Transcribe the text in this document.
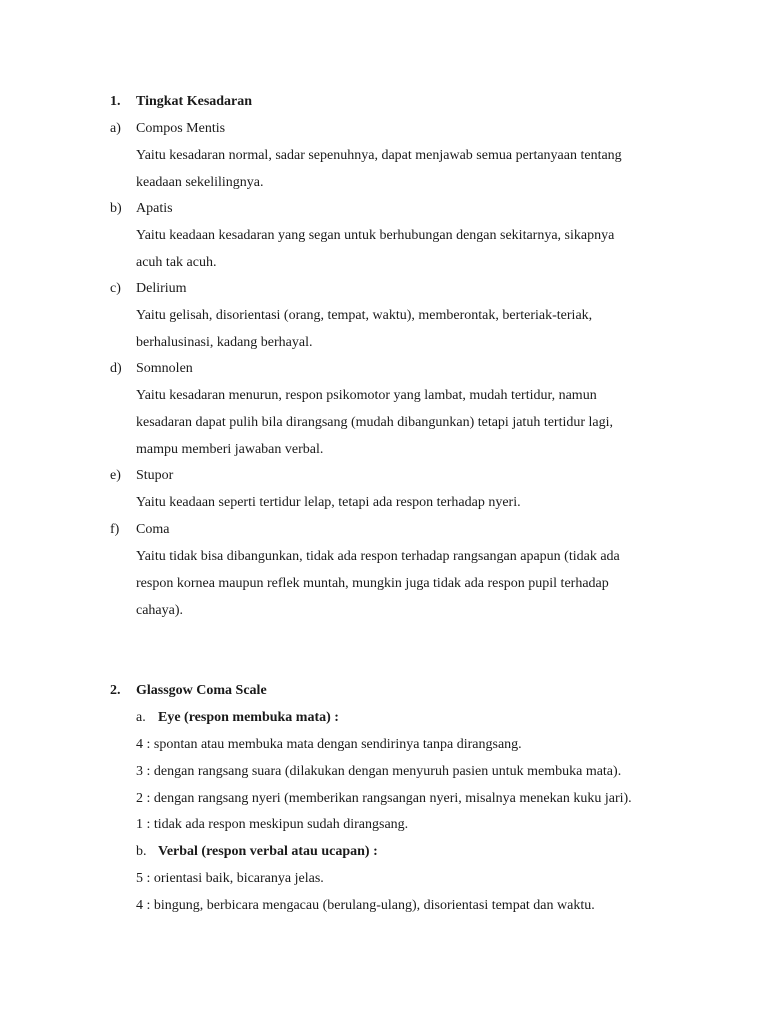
1. Tingkat Kesadaran
a) Compos Mentis
Yaitu kesadaran normal, sadar sepenuhnya, dapat menjawab semua pertanyaan tentang
keadaan sekelilingnya.
b) Apatis
Yaitu keadaan kesadaran yang segan untuk berhubungan dengan sekitarnya, sikapnya
acuh tak acuh.
c) Delirium
Yaitu gelisah, disorientasi (orang, tempat, waktu), memberontak, berteriak-teriak,
berhalusinasi, kadang berhayal.
d) Somnolen
Yaitu kesadaran menurun, respon psikomotor yang lambat, mudah tertidur, namun
kesadaran dapat pulih bila dirangsang (mudah dibangunkan) tetapi jatuh tertidur lagi,
mampu memberi jawaban verbal.
e) Stupor
Yaitu keadaan seperti tertidur lelap, tetapi ada respon terhadap nyeri.
f) Coma
Yaitu tidak bisa dibangunkan, tidak ada respon terhadap rangsangan apapun (tidak ada
respon kornea maupun reflek muntah, mungkin juga tidak ada respon pupil terhadap
cahaya).
2. Glassgow Coma Scale
a. Eye (respon membuka mata) :
4 : spontan atau membuka mata dengan sendirinya tanpa dirangsang.
3 : dengan rangsang suara (dilakukan dengan menyuruh pasien untuk membuka mata).
2 : dengan rangsang nyeri (memberikan rangsangan nyeri, misalnya menekan kuku jari).
1 : tidak ada respon meskipun sudah dirangsang.
b. Verbal (respon verbal atau ucapan) :
5 : orientasi baik, bicaranya jelas.
4 : bingung, berbicara mengacau (berulang-ulang), disorientasi tempat dan waktu.
